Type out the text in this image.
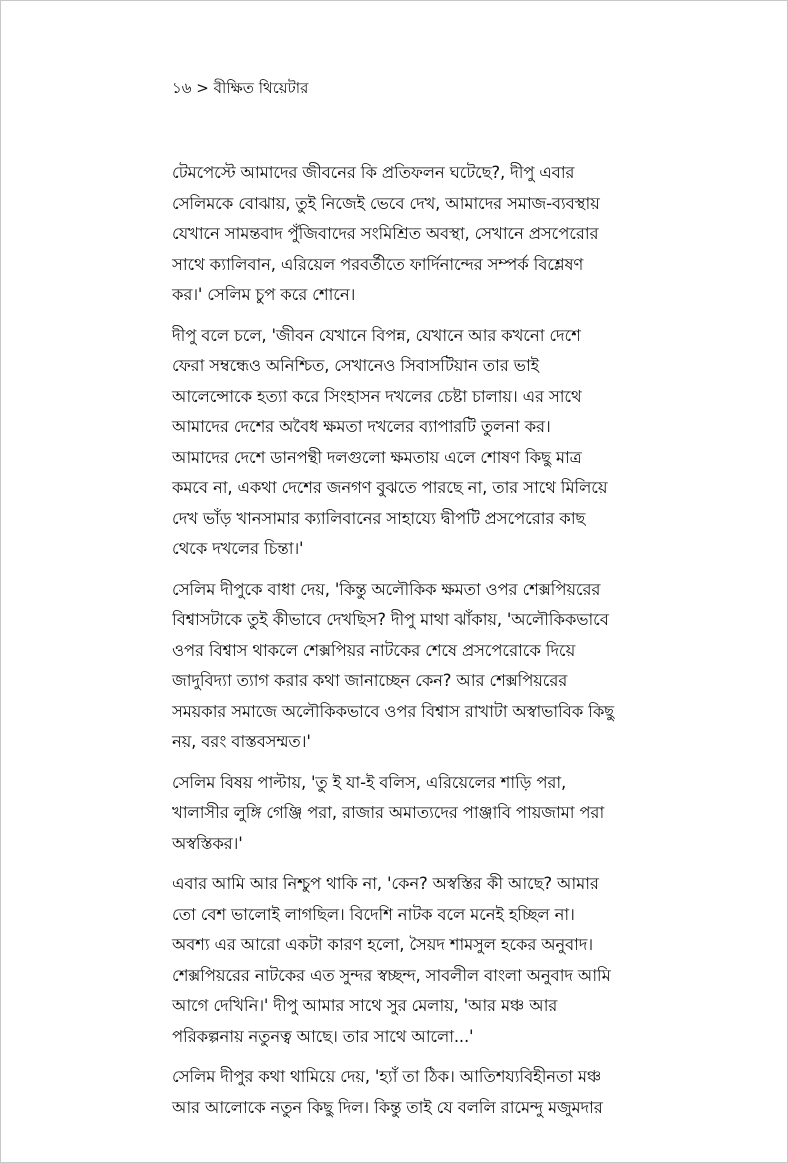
১৬ > বীক্ষিত থিয়েটার
টেমপেস্টে আমাদের জীবনের কি প্রতিফলন ঘটেছে?, দীপু এবার
সেলিমকে বোঝায়, তুই নিজেই ভেবে দেখ, আমাদের সমাজ-ব্যবস্থায়
যেখানে সামন্তবাদ পুঁজিবাদের সংমিশ্রিত অবস্থা, সেখানে প্রসপেরোর
সাথে ক্যালিবান, এরিয়েল পরবর্তীতে ফার্দিনান্দের সম্পর্ক বিশ্লেষণ
কর।' সেলিম চুপ করে শোনে।
দীপু বলে চলে, 'জীবন যেখানে বিপন্ন, যেখানে আর কখনো দেশে
ফেরা সম্বন্ধেও অনিশ্চিত, সেখানেও সিবাসটিয়ান তার ভাই
আলেন্সোকে হত্যা করে সিংহাসন দখলের চেষ্টা চালায়। এর সাথে
আমাদের দেশের অবৈধ ক্ষমতা দখলের ব্যাপারটি তুলনা কর।
আমাদের দেশে ডানপন্থী দলগুলো ক্ষমতায় এলে শোষণ কিছু মাত্র
কমবে না, একথা দেশের জনগণ বুঝতে পারছে না, তার সাথে মিলিয়ে
দেখ ভাঁড় খানসামার ক্যালিবানের সাহায্যে দ্বীপটি প্রসপেরোর কাছ
থেকে দখলের চিন্তা।'
সেলিম দীপুকে বাধা দেয়, 'কিন্তু অলৌকিক ক্ষমতা ওপর শেক্সপিয়রের
বিশ্বাসটাকে তুই কীভাবে দেখছিস? দীপু মাথা ঝাঁকায়, 'অলৌকিকভাবে
ওপর বিশ্বাস থাকলে শেক্সপিয়র নাটকের শেষে প্রসপেরোকে দিয়ে
জাদুবিদ্যা ত্যাগ করার কথা জানাচ্ছেন কেন? আর শেক্সপিয়রের
সময়কার সমাজে অলৌকিকভাবে ওপর বিশ্বাস রাখাটা অস্বাভাবিক কিছু
নয়, বরং বাস্তবসম্মত।'
সেলিম বিষয় পাল্টায়, 'তু ই যা-ই বলিস, এরিয়েলের শাড়ি পরা,
খালাসীর লুঙ্গি গেঞ্জি পরা, রাজার অমাত্যদের পাঞ্জাবি পায়জামা পরা
অস্বস্তিকর।'
এবার আমি আর নিশ্চুপ থাকি না, 'কেন? অস্বস্তির কী আছে? আমার
তো বেশ ভালোই লাগছিল। বিদেশি নাটক বলে মনেই হচ্ছিল না।
অবশ্য এর আরো একটা কারণ হলো, সৈয়দ শামসুল হকের অনুবাদ।
শেক্সপিয়রের নাটকের এত সুন্দর স্বচ্ছন্দ, সাবলীল বাংলা অনুবাদ আমি
আগে দেখিনি।' দীপু আমার সাথে সুর মেলায়, 'আর মঞ্চ আর
পরিকল্পনায় নতুনত্ব আছে। তার সাথে আলো...'
সেলিম দীপুর কথা থামিয়ে দেয়, 'হ্যাঁ তা ঠিক। আতিশয্যবিহীনতা মঞ্চ
আর আলোকে নতুন কিছু দিল। কিন্তু তাই যে বললি রামেন্দু মজুমদার
